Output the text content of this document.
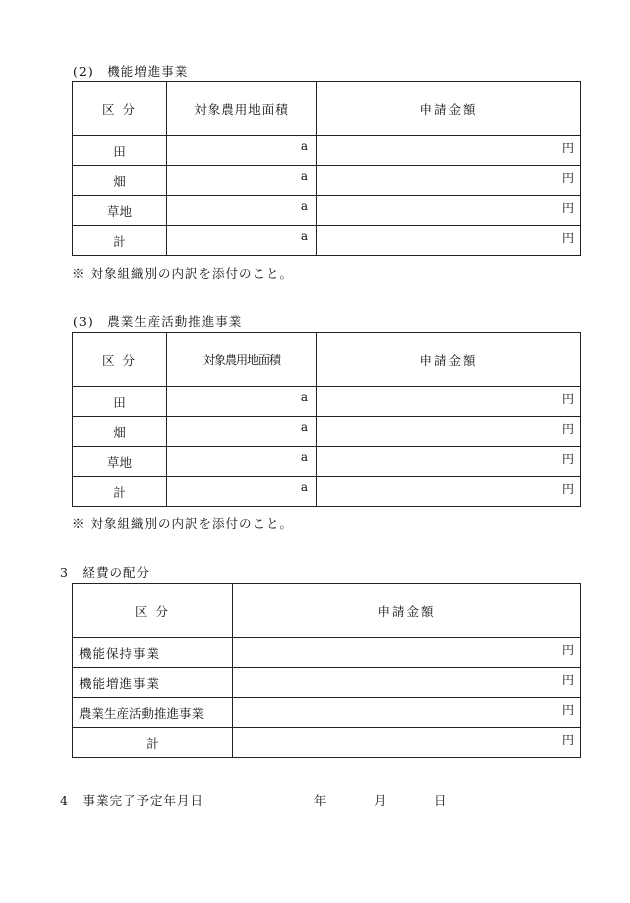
(2)　機能増進事業
区 分	対象農用地面積	申請金額
田	a	円

畑	a	円

草地	a	円

計	a	円
※ 対象組織別の内訳を添付のこと。
(3)　農業生産活動推進事業
区 分	対象農用地面積	申請金額
田	a	円

畑	a	円

草地	a	円

計	a	円
※ 対象組織別の内訳を添付のこと。
3　経費の配分
区 分	申請金額
機能保持事業	円

機能増進事業	円

農業生産活動推進事業	円

計	円
4　事業完了予定年月日	年	月	日
